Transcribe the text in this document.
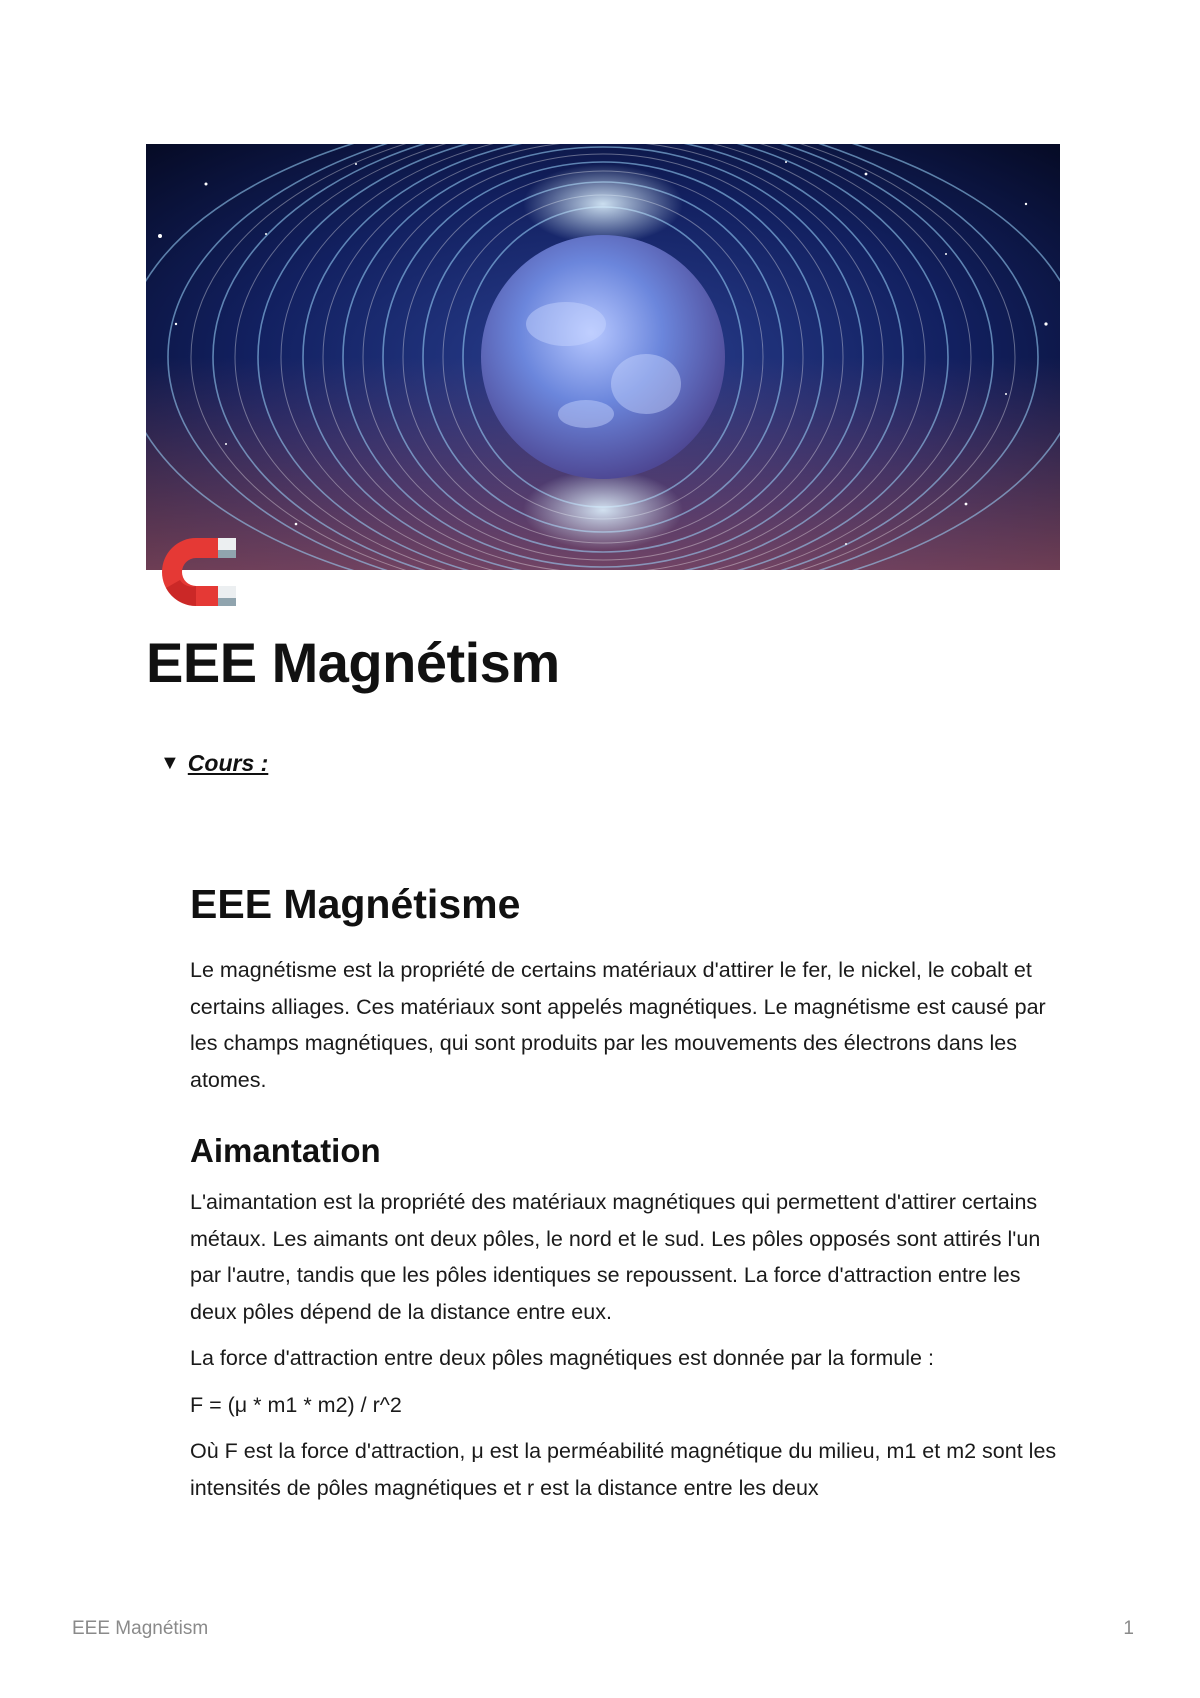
EEE Magnétism
▼ Cours :
EEE Magnétisme

Le magnétisme est la propriété de certains matériaux d'attirer le fer, le nickel, le cobalt et certains alliages. Ces matériaux sont appelés magnétiques. Le magnétisme est causé par les champs magnétiques, qui sont produits par les mouvements des électrons dans les atomes.

Aimantation

L'aimantation est la propriété des matériaux magnétiques qui permettent d'attirer certains métaux. Les aimants ont deux pôles, le nord et le sud. Les pôles opposés sont attirés l'un par l'autre, tandis que les pôles identiques se repoussent. La force d'attraction entre les deux pôles dépend de la distance entre eux.

La force d'attraction entre deux pôles magnétiques est donnée par la formule :

F = (μ * m1 * m2) / r^2

Où F est la force d'attraction, μ est la perméabilité magnétique du milieu, m1 et m2 sont les intensités de pôles magnétiques et r est la distance entre les deux

EEE Magnétism	1
